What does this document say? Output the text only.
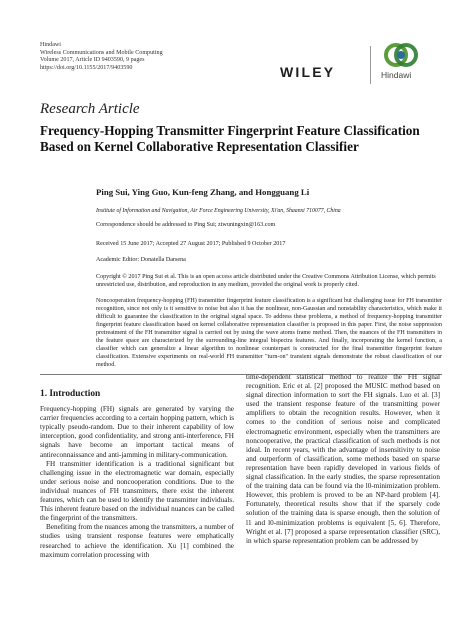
Hindawi
Wireless Communications and Mobile Computing
Volume 2017, Article ID 9403590, 9 pages
https://doi.org/10.1155/2017/9403590	WILEY	Hindawi
Research Article
Frequency-Hopping Transmitter Fingerprint Feature Classification Based on Kernel Collaborative Representation Classifier
Ping Sui, Ying Guo, Kun-feng Zhang, and Hongguang Li
Institute of Information and Navigation, Air Force Engineering University, Xi'an, Shaanxi 710077, China
Correspondence should be addressed to Ping Sui; ziwuningxin@163.com
Received 15 June 2017; Accepted 27 August 2017; Published 9 October 2017
Academic Editor: Donatella Darsena
Copyright © 2017 Ping Sui et al. This is an open access article distributed under the Creative Commons Attribution License, which permits unrestricted use, distribution, and reproduction in any medium, provided the original work is properly cited.
Noncooperation frequency-hopping (FH) transmitter fingerprint feature classification is a significant but challenging issue for FH transmitter recognition, since not only is it sensitive to noise but also it has the nonlinear, non-Gaussian and nonstability characteristics, which make it difficult to guarantee the classification in the original signal space. To address these problems, a method of frequency-hopping transmitter fingerprint feature classification based on kernel collaborative representation classifier is proposed in this paper. First, the noise suppression pretreatment of the FH transmitter signal is carried out by using the wave atoms frame method. Then, the nuances of the FH transmitters in the feature space are characterized by the surrounding-line integral bispectra features. And finally, incorporating the kernel function, a classifier which can generalize a linear algorithm to nonlinear counterpart is constructed for the final transmitter fingerprint feature classification. Extensive experiments on real-world FH transmitter "turn-on" transient signals demonstrate the robust classification of our method.
1. Introduction

Frequency-hopping (FH) signals are generated by varying the carrier frequencies according to a certain hopping pattern, which is typically pseudo-random. Due to their inherent capability of low interception, good confidentiality, and strong anti-interference, FH signals have become an important tactical means of antireconnaissance and anti-jamming in military-communication.

FH transmitter identification is a traditional significant but challenging issue in the electromagnetic war domain, especially under serious noise and noncooperation conditions. Due to the individual nuances of FH transmitters, there exist the inherent features, which can be used to identify the transmitter individuals. This inherent feature based on the individual nuances can be called the fingerprint of the transmitters.

Benefiting from the nuances among the transmitters, a number of studies using transient response features were emphatically researched to achieve the identification. Xu [1] combined the maximum correlation processing with

time-dependent statistical method to realize the FH signal recognition. Eric et al. [2] proposed the MUSIC method based on signal direction information to sort the FH signals. Luo et al. [3] used the transient response feature of the transmitting power amplifiers to obtain the recognition results. However, when it comes to the condition of serious noise and complicated electromagnetic environment, especially when the transmitters are noncooperative, the practical classification of such methods is not ideal. In recent years, with the advantage of insensitivity to noise and outperform of classification, some methods based on sparse representation have been rapidly developed in various fields of signal classification. In the early studies, the sparse representation of the training data can be found via the l0-minimization problem. However, this problem is proved to be an NP-hard problem [4]. Fortunately, theoretical results show that if the sparsely code solution of the training data is sparse enough, then the solution of l1 and l0-minimization problems is equivalent [5, 6]. Therefore, Wright et al. [7] proposed a sparse representation classifier (SRC), in which sparse representation problem can be addressed by
